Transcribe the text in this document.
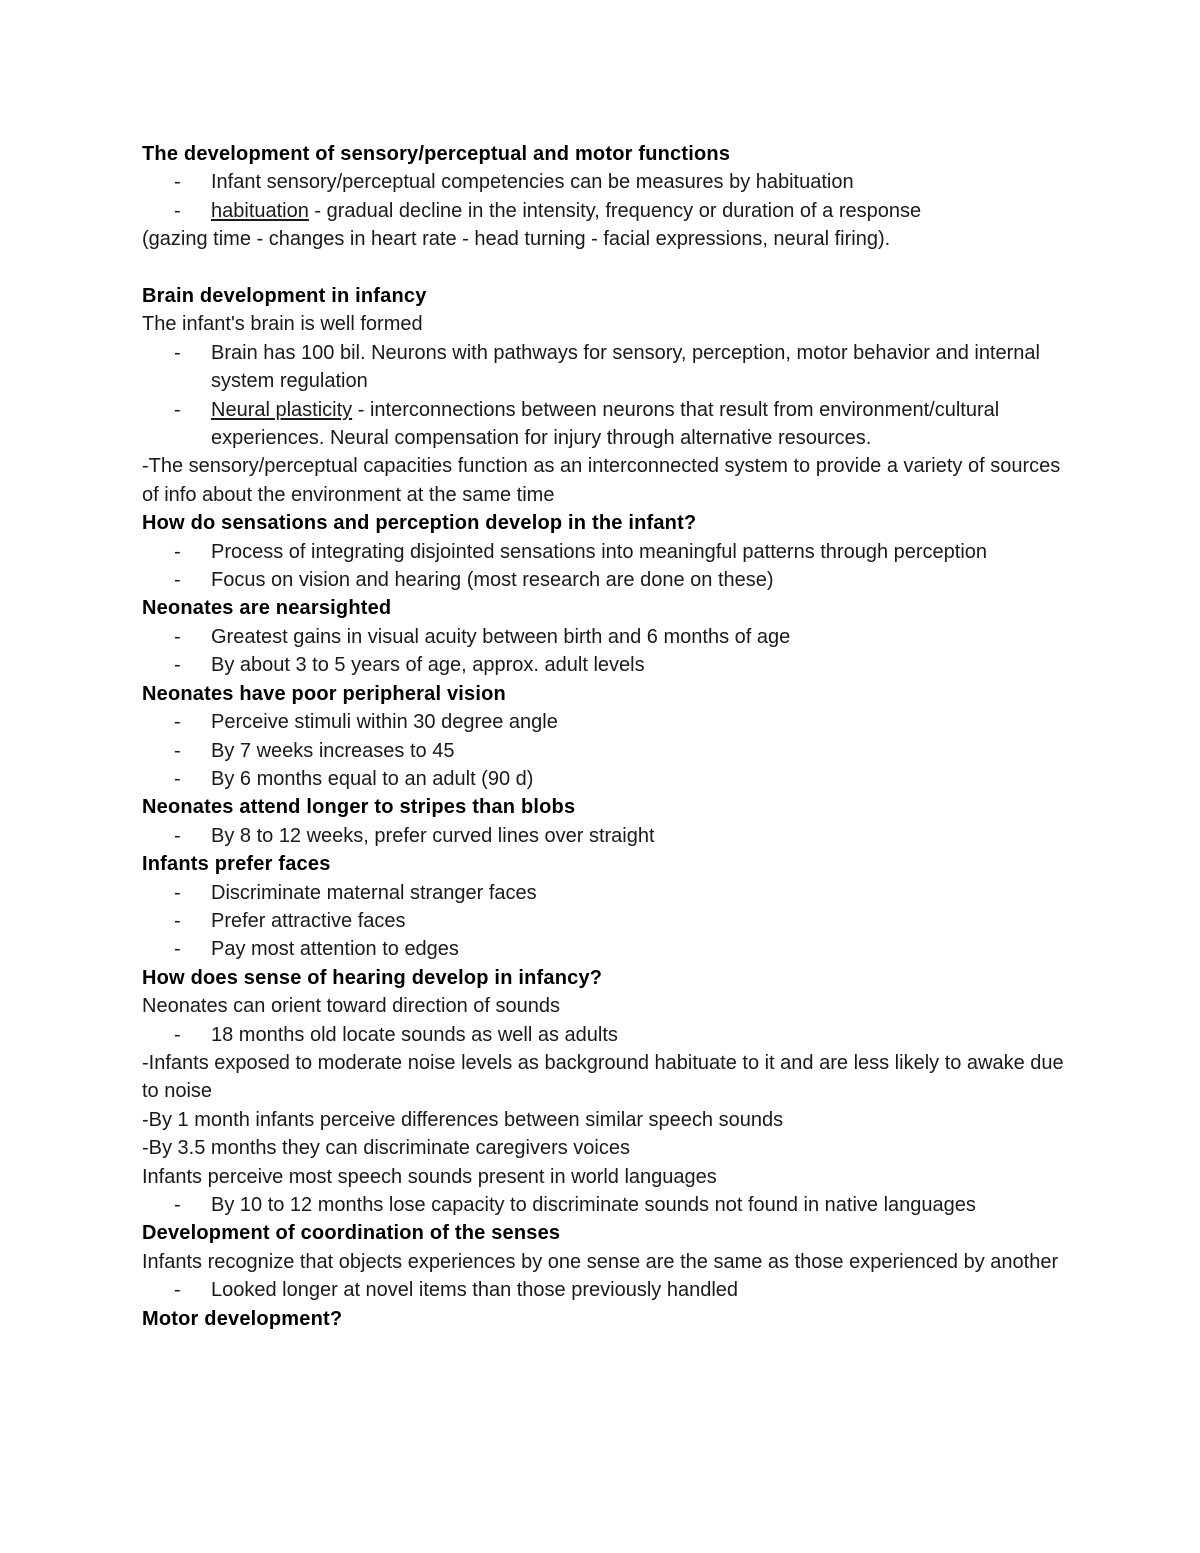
The development of sensory/perceptual and motor functions
- Infant sensory/perceptual competencies can be measures by habituation
- habituation - gradual decline in the intensity, frequency or duration of a response
(gazing time - changes in heart rate - head turning - facial expressions, neural firing).
Brain development in infancy
The infant's brain is well formed
- Brain has 100 bil. Neurons with pathways for sensory, perception, motor behavior and internal system regulation
- Neural plasticity - interconnections between neurons that result from environment/cultural experiences. Neural compensation for injury through alternative resources.
-The sensory/perceptual capacities function as an interconnected system to provide a variety of sources of info about the environment at the same time
How do sensations and perception develop in the infant?
- Process of integrating disjointed sensations into meaningful patterns through perception
- Focus on vision and hearing (most research are done on these)
Neonates are nearsighted
- Greatest gains in visual acuity between birth and 6 months of age
- By about 3 to 5 years of age, approx. adult levels
Neonates have poor peripheral vision
- Perceive stimuli within 30 degree angle
- By 7 weeks increases to 45
- By 6 months equal to an adult (90 d)
Neonates attend longer to stripes than blobs
- By 8 to 12 weeks, prefer curved lines over straight
Infants prefer faces
- Discriminate maternal stranger faces
- Prefer attractive faces
- Pay most attention to edges
How does sense of hearing develop in infancy?
Neonates can orient toward direction of sounds
- 18 months old locate sounds as well as adults
-Infants exposed to moderate noise levels as background habituate to it and are less likely to awake due to noise
-By 1 month infants perceive differences between similar speech sounds
-By 3.5 months they can discriminate caregivers voices
Infants perceive most speech sounds present in world languages
- By 10 to 12 months lose capacity to discriminate sounds not found in native languages
Development of coordination of the senses
Infants recognize that objects experiences by one sense are the same as those experienced by another
- Looked longer at novel items than those previously handled
Motor development?
